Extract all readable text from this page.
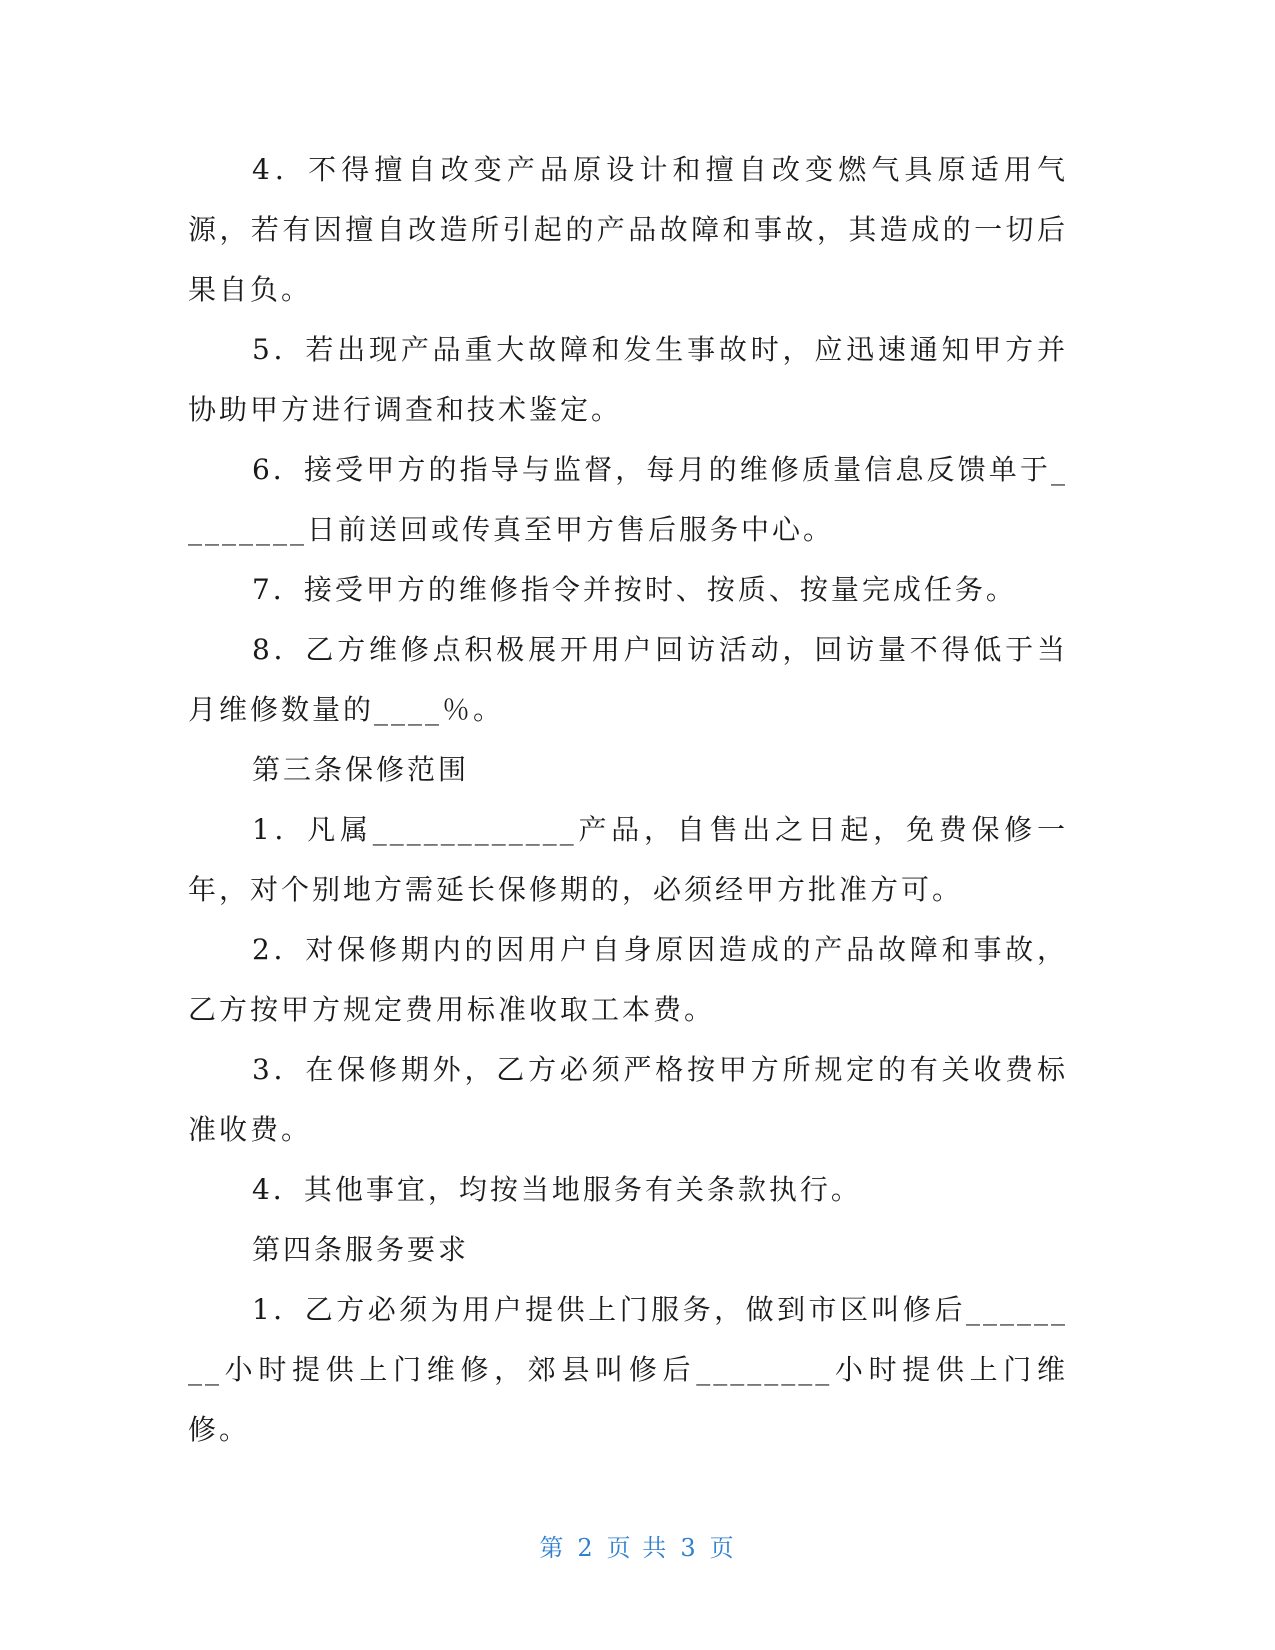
4．不得擅自改变产品原设计和擅自改变燃气具原适用气源，若有因擅自改造所引起的产品故障和事故，其造成的一切后果自负。

5．若出现产品重大故障和发生事故时，应迅速通知甲方并协助甲方进行调查和技术鉴定。

6．接受甲方的指导与监督，每月的维修质量信息反馈单于________日前送回或传真至甲方售后服务中心。

7．接受甲方的维修指令并按时、按质、按量完成任务。

8．乙方维修点积极展开用户回访活动，回访量不得低于当月维修数量的____％。

第三条保修范围

1．凡属____________产品，自售出之日起，免费保修一年，对个别地方需延长保修期的，必须经甲方批准方可。

2．对保修期内的因用户自身原因造成的产品故障和事故，乙方按甲方规定费用标准收取工本费。

3．在保修期外，乙方必须严格按甲方所规定的有关收费标准收费。

4．其他事宜，均按当地服务有关条款执行。

第四条服务要求

1．乙方必须为用户提供上门服务，做到市区叫修后________小时提供上门维修，郊县叫修后________小时提供上门维修。

第 2 页 共 3 页
